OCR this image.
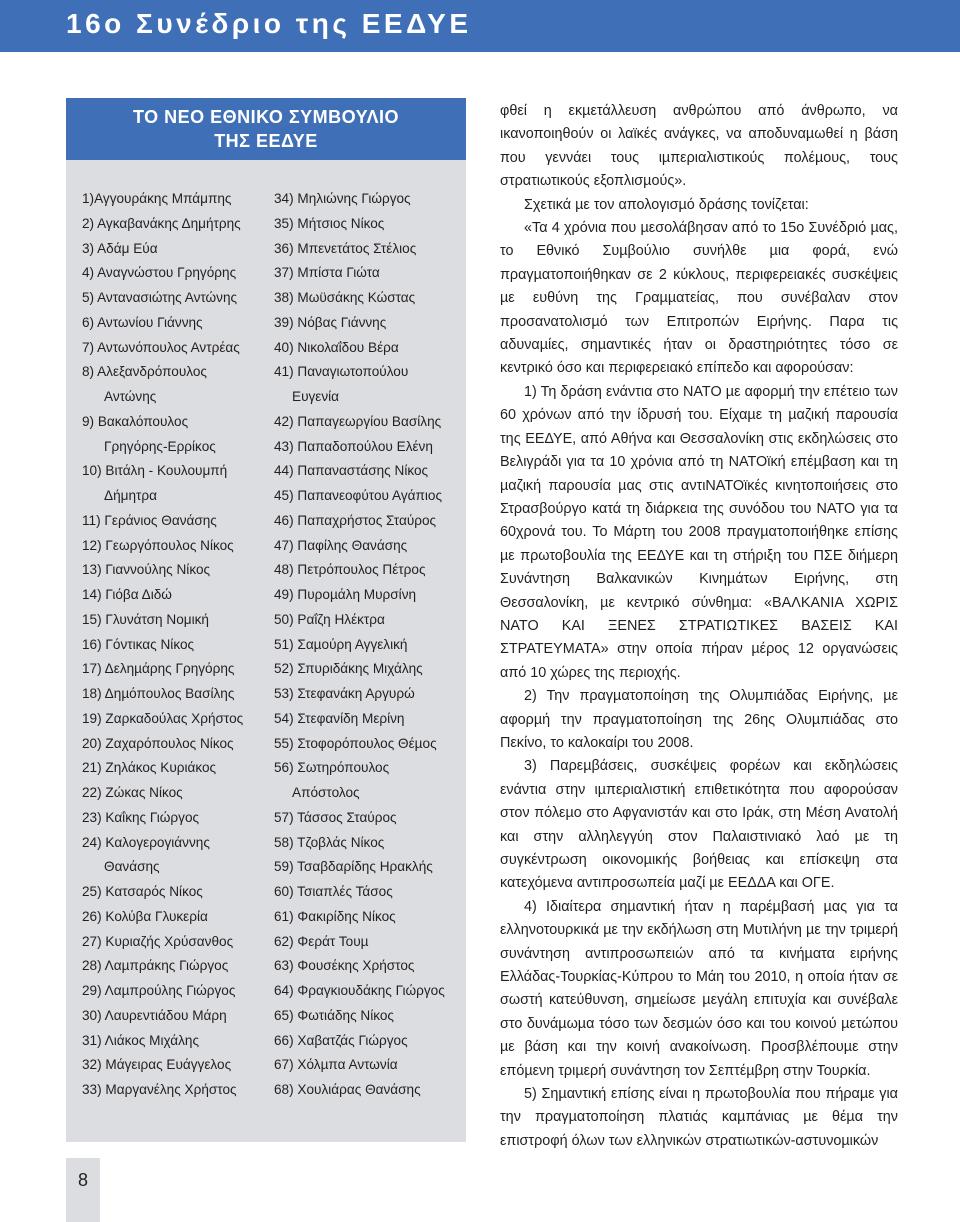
16ο Συνέδριο της ΕΕΔΥΕ
ΤΟ ΝΕΟ ΕΘΝΙΚΟ ΣΥΜΒΟΥΛΙΟ
ΤΗΣ ΕΕΔΥΕ
1)Αγγουράκης Μπάμπης
2) Αγκαβανάκης Δημήτρης
3) Αδάμ Εύα
4) Αναγνώστου Γρηγόρης
5) Αντανασιώτης Αντώνης
6) Αντωνίου Γιάννης
7) Αντωνόπουλος Αντρέας
8) Αλεξανδρόπουλος
Αντώνης
9) Βακαλόπουλος
Γρηγόρης-Ερρίκος
10) Βιτάλη - Κουλουμπή
Δήμητρα
11) Γεράνιος Θανάσης
12) Γεωργόπουλος Νίκος
13) Γιαννούλης Νίκος
14) Γιόβα Διδώ
15) Γλυνάτση Νομική
16) Γόντικας Νίκος
17) Δεληµάρης Γρηγόρης
18) Δηµόπουλος Βασίλης
19) Ζαρκαδούλας Χρήστος
20) Ζαχαρόπουλος Νίκος
21) Ζηλάκος Κυριάκος
22) Ζώκας Νίκος
23) Καΐκης Γιώργος
24) Καλογερογιάννης
Θανάσης
25) Κατσαρός Νίκος
26) Κολύβα Γλυκερία
27) Κυριαζής Χρύσανθος
28) Λαµπράκης Γιώργος
29) Λαµπρούλης Γιώργος
30) Λαυρεντιάδου Μάρη
31) Λιάκος Μιχάλης
32) Μάγειρας Ευάγγελος
33) Μαργανέλης Χρήστος
34) Μηλιώνης Γιώργος
35) Μήτσιος Νίκος
36) Μπενετάτος Στέλιος
37) Μπίστα Γιώτα
38) Μωϋσάκης Κώστας
39) Νόβας Γιάννης
40) Νικολαΐδου Βέρα
41) Παναγιωτοπούλου
Ευγενία
42) Παπαγεωργίου Βασίλης
43) Παπαδοπούλου Ελένη
44) Παπαναστάσης Νίκος
45) Παπανεοφύτου Αγάπιος
46) Παπαχρήστος Σταύρος
47) Παφίλης Θανάσης
48) Πετρόπουλος Πέτρος
49) Πυροµάλη Μυρσίνη
50) Ραΐζη Ηλέκτρα
51) Σαµούρη Αγγελική
52) Σπυριδάκης Μιχάλης
53) Στεφανάκη Αργυρώ
54) Στεφανίδη Μερίνη
55) Στοφορόπουλος Θέµος
56) Σωτηρόπουλος
Απόστολος
57) Τάσσος Σταύρος
58) Τζοβλάς Νίκος
59) Τσαβδαρίδης Ηρακλής
60) Τσιαπλές Τάσος
61) Φακιρίδης Νίκος
62) Φεράτ Τουµ
63) Φουσέκης Χρήστος
64) Φραγκιουδάκης Γιώργος
65) Φωτιάδης Νίκος
66) Χαβατζάς Γιώργος
67) Χόλµπα Αντωνία
68) Χουλιάρας Θανάσης

φθεί η εκµετάλλευση ανθρώπου από άνθρωπο, να ικανοποιηθούν οι λαϊκές ανάγκες, να αποδυναµωθεί η βάση που γεννάει τους ιµπεριαλιστικούς πολέµους, τους στρατιωτικούς εξοπλισµούς».

Σχετικά µε τον απολογισµό δράσης τονίζεται:

«Τα 4 χρόνια που µεσολάβησαν από το 15ο Συνέδριό µας, το Εθνικό Συµβούλιο συνήλθε µια φορά, ενώ πραγµατοποιήθηκαν σε 2 κύκλους, περιφερειακές συσκέψεις µε ευθύνη της Γραµµατείας, που συνέβαλαν στον προσανατολισµό των Επιτροπών Ειρήνης. Παρα τις αδυναµίες, σηµαντικές ήταν οι δραστηριότητες τόσο σε κεντρικό όσο και περιφερειακό επίπεδο και αφορούσαν:

1) Τη δράση ενάντια στο ΝΑΤΟ µε αφορµή την επέτειο των 60 χρόνων από την ίδρυσή του. Είχαµε τη µαζική παρουσία της ΕΕΔΥΕ, από Αθήνα και Θεσσαλονίκη στις εκδηλώσεις στο Βελιγράδι για τα 10 χρόνια από τη ΝΑΤΟϊκή επέµβαση και τη µαζική παρουσία µας στις αντιΝΑΤΟϊκές κινητοποιήσεις στο Στρασβούργο κατά τη διάρκεια της συνόδου του ΝΑΤΟ για τα 60χρονά του. Το Μάρτη του 2008 πραγµατοποιήθηκε επίσης µε πρωτοβουλία της ΕΕΔΥΕ και τη στήριξη του ΠΣΕ διήµερη Συνάντηση Βαλκανικών Κινηµάτων Ειρήνης, στη Θεσσαλονίκη, µε κεντρικό σύνθηµα: «ΒΑΛΚΑΝΙΑ ΧΩΡΙΣ ΝΑΤΟ ΚΑΙ ΞΕΝΕΣ ΣΤΡΑΤΙΩΤΙΚΕΣ ΒΑΣΕΙΣ ΚΑΙ ΣΤΡΑΤΕΥΜΑΤΑ» στην οποία πήραν µέρος 12 οργανώσεις από 10 χώρες της περιοχής.

2) Την πραγµατοποίηση της Ολυµπιάδας Ειρήνης, µε αφορµή την πραγµατοποίηση της 26ης Ολυµπιάδας στο Πεκίνο, το καλοκαίρι του 2008.

3) Παρεµβάσεις, συσκέψεις φορέων και εκδηλώσεις ενάντια στην ιµπεριαλιστική επιθετικότητα που αφορούσαν στον πόλεµο στο Αφγανιστάν και στο Ιράκ, στη Μέση Ανατολή και στην αλληλεγγύη στον Παλαιστινιακό λαό µε τη συγκέντρωση οικονοµικής βοήθειας και επίσκεψη στα κατεχόµενα αντιπροσωπεία µαζί µε ΕΕΔΔΑ και ΟΓΕ.

4) Ιδιαίτερα σηµαντική ήταν η παρέµβασή µας για τα ελληνοτουρκικά µε την εκδήλωση στη Μυτιλήνη µε την τριµερή συνάντηση αντιπροσωπειών από τα κινήµατα ειρήνης Ελλάδας-Τουρκίας-Κύπρου το Μάη του 2010, η οποία ήταν σε σωστή κατεύθυνση, σηµείωσε µεγάλη επιτυχία και συνέβαλε στο δυνάµωµα τόσο των δεσµών όσο και του κοινού µετώπου µε βάση και την κοινή ανακοίνωση. Προσβλέπουµε στην επόµενη τριµερή συνάντηση τον Σεπτέµβρη στην Τουρκία.

5) Σηµαντική επίσης είναι η πρωτοβουλία που πήραµε για την πραγµατοποίηση πλατιάς καµπάνιας µε θέµα την επιστροφή όλων των ελληνικών στρατιωτικών-αστυνοµικών

8
